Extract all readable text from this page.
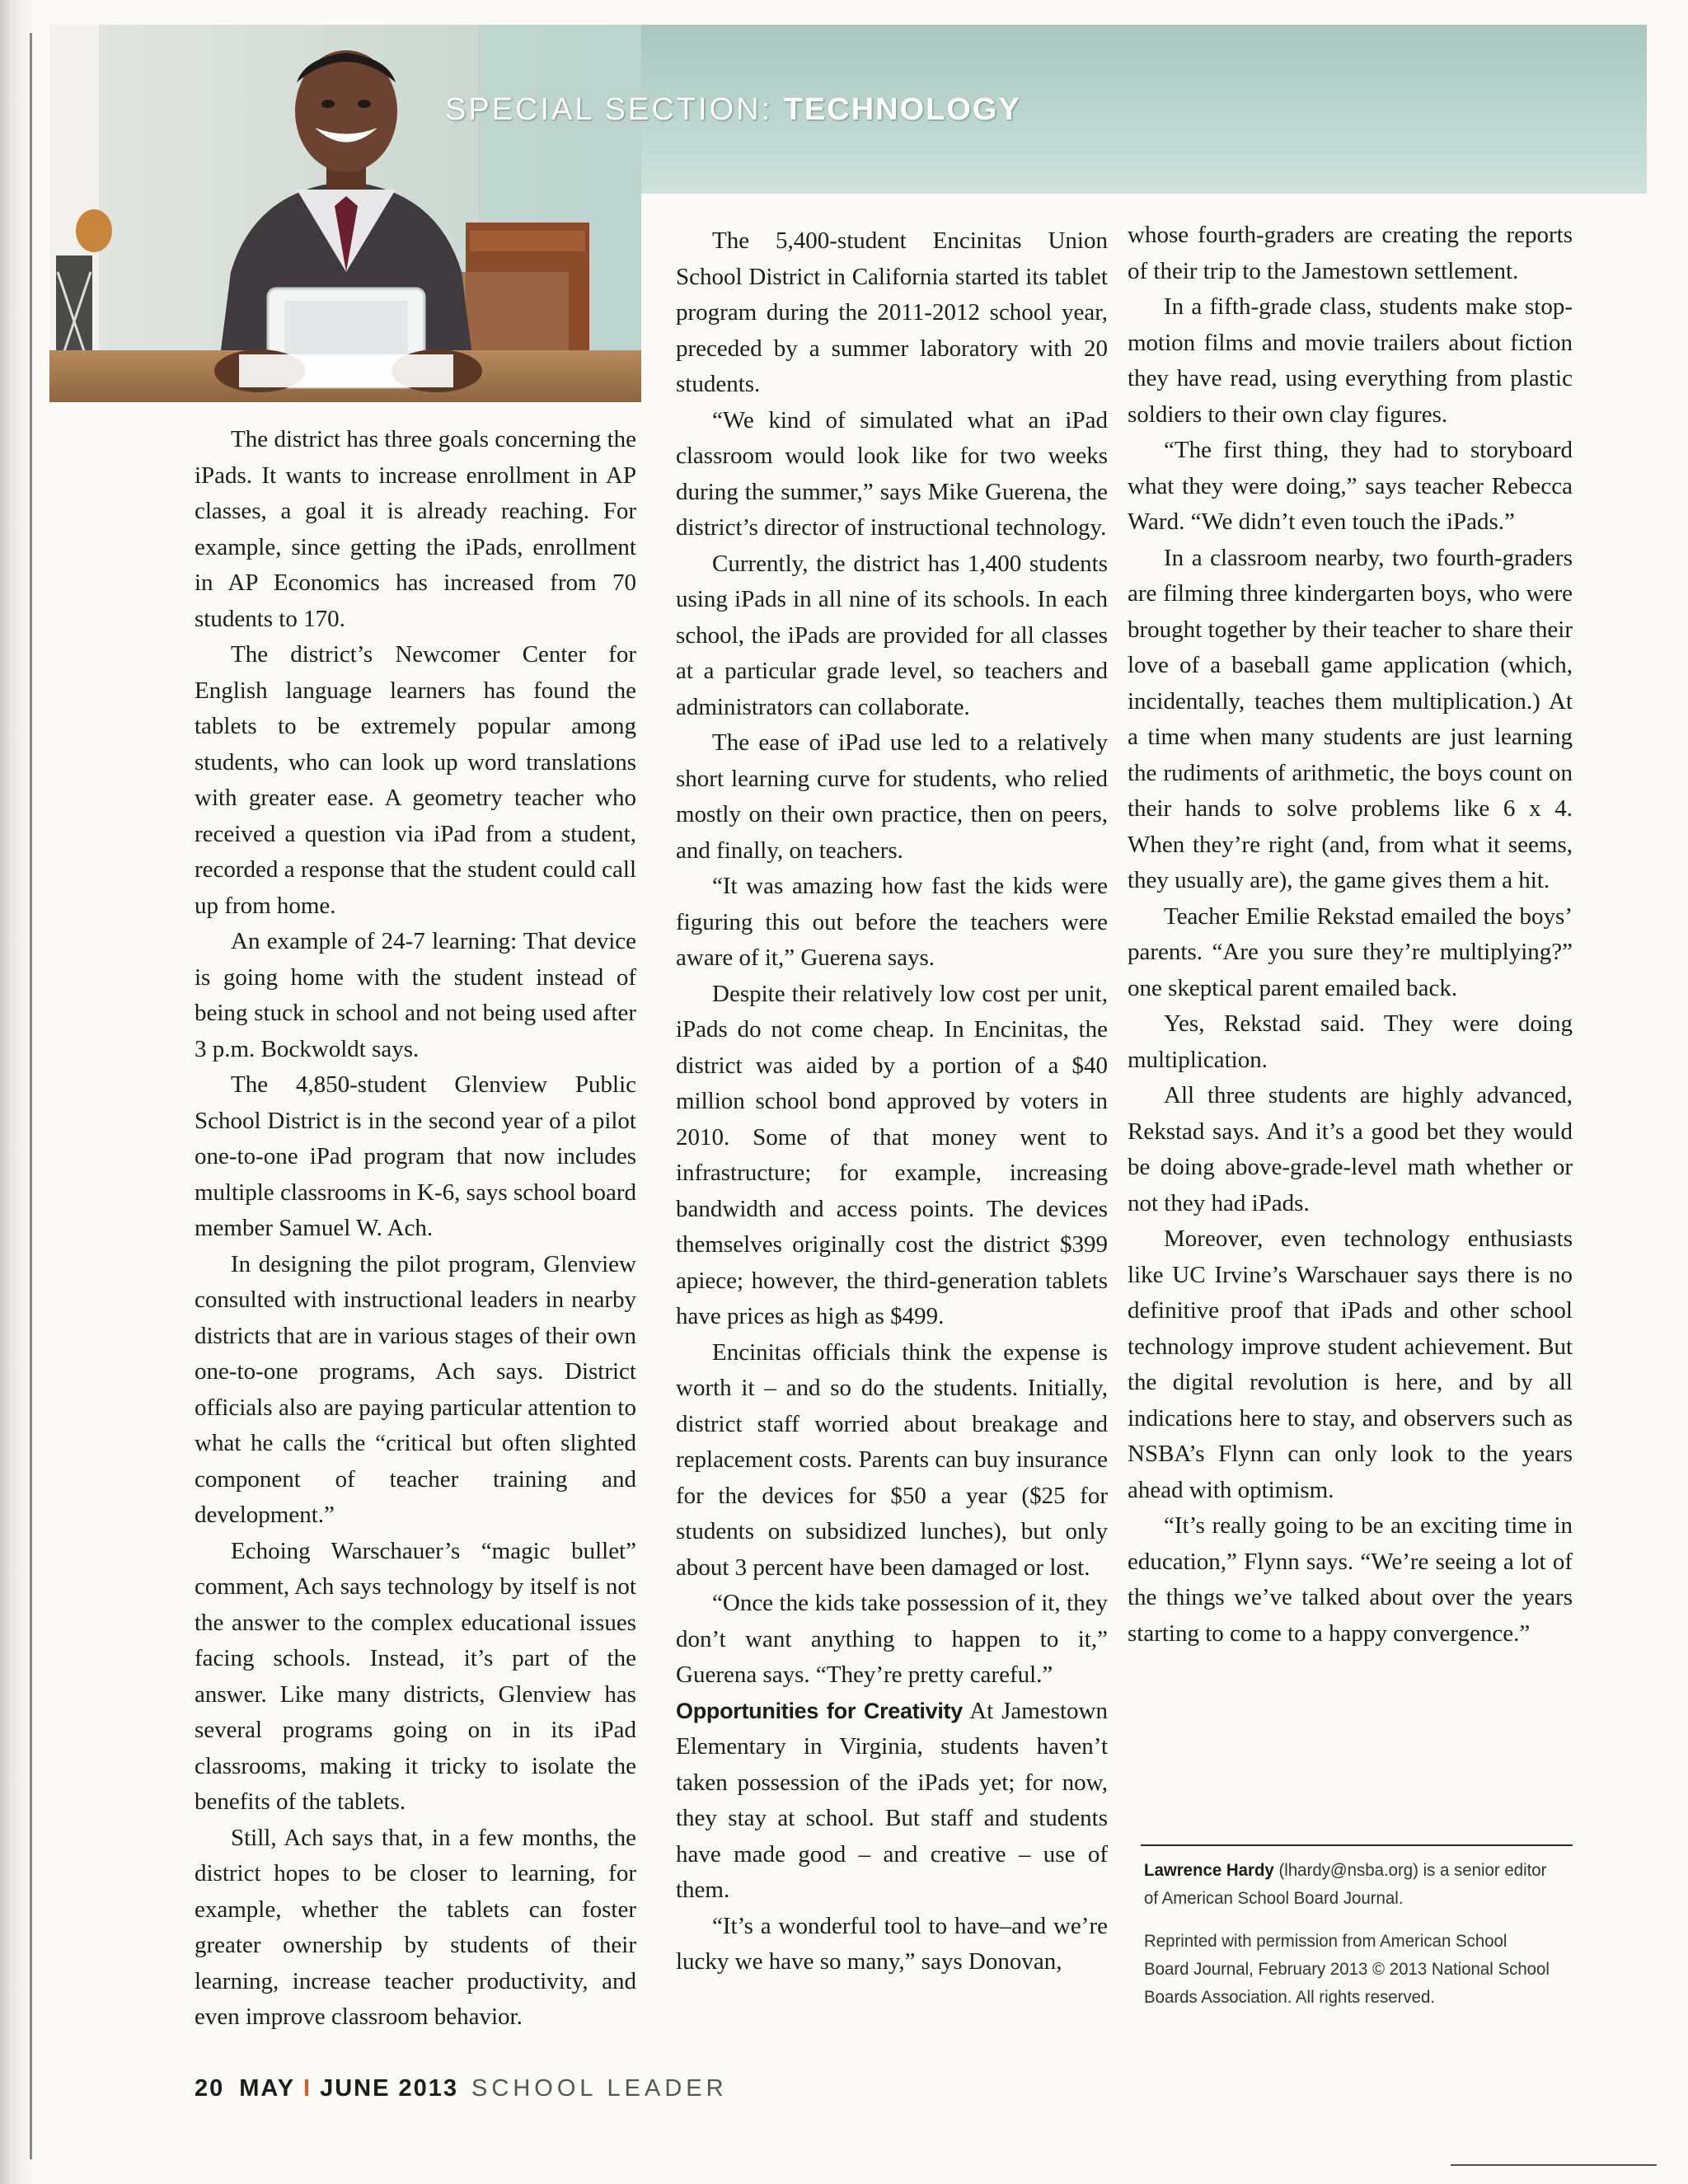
SPECIAL SECTION: TECHNOLOGY

The district has three goals concerning the iPads. It wants to increase enrollment in AP classes, a goal it is already reaching. For example, since getting the iPads, enrollment in AP Economics has increased from 70 students to 170.

The district’s Newcomer Center for English language learners has found the tablets to be extremely popular among students, who can look up word translations with greater ease. A geometry teacher who received a question via iPad from a student, recorded a response that the student could call up from home.

An example of 24-7 learning: That device is going home with the student instead of being stuck in school and not being used after 3 p.m. Bockwoldt says.

The 4,850-student Glenview Public School District is in the second year of a pilot one-to-one iPad program that now includes multiple classrooms in K-6, says school board member Samuel W. Ach.

In designing the pilot program, Glenview consulted with instructional leaders in nearby districts that are in various stages of their own one-to-one programs, Ach says. District officials also are paying particular attention to what he calls the “critical but often slighted component of teacher training and development.”

Echoing Warschauer’s “magic bullet” comment, Ach says technology by itself is not the answer to the complex educational issues facing schools. Instead, it’s part of the answer. Like many districts, Glenview has several programs going on in its iPad classrooms, making it tricky to isolate the benefits of the tablets.

Still, Ach says that, in a few months, the district hopes to be closer to learning, for example, whether the tablets can foster greater ownership by students of their learning, increase teacher productivity, and even improve classroom behavior.

The 5,400-student Encinitas Union School District in California started its tablet program during the 2011-2012 school year, preceded by a summer laboratory with 20 students.

“We kind of simulated what an iPad classroom would look like for two weeks during the summer,” says Mike Guerena, the district’s director of instructional technology.

Currently, the district has 1,400 students using iPads in all nine of its schools. In each school, the iPads are provided for all classes at a particular grade level, so teachers and administrators can collaborate.

The ease of iPad use led to a relatively short learning curve for students, who relied mostly on their own practice, then on peers, and finally, on teachers.

“It was amazing how fast the kids were figuring this out before the teachers were aware of it,” Guerena says.

Despite their relatively low cost per unit, iPads do not come cheap. In Encinitas, the district was aided by a portion of a $40 million school bond approved by voters in 2010. Some of that money went to infrastructure; for example, increasing bandwidth and access points. The devices themselves originally cost the district $399 apiece; however, the third-generation tablets have prices as high as $499.

Encinitas officials think the expense is worth it – and so do the students. Initially, district staff worried about breakage and replacement costs. Parents can buy insurance for the devices for $50 a year ($25 for students on subsidized lunches), but only about 3 percent have been damaged or lost.

“Once the kids take possession of it, they don’t want anything to happen to it,” Guerena says. “They’re pretty careful.”

Opportunities for Creativity At Jamestown Elementary in Virginia, students haven’t taken possession of the iPads yet; for now, they stay at school. But staff and students have made good – and creative – use of them.

“It’s a wonderful tool to have–and we’re lucky we have so many,” says Donovan,

whose fourth-graders are creating the reports of their trip to the Jamestown settlement.

In a fifth-grade class, students make stop-motion films and movie trailers about fiction they have read, using everything from plastic soldiers to their own clay figures.

“The first thing, they had to storyboard what they were doing,” says teacher Rebecca Ward. “We didn’t even touch the iPads.”

In a classroom nearby, two fourth-graders are filming three kindergarten boys, who were brought together by their teacher to share their love of a baseball game application (which, incidentally, teaches them multiplication.) At a time when many students are just learning the rudiments of arithmetic, the boys count on their hands to solve problems like 6 x 4. When they’re right (and, from what it seems, they usually are), the game gives them a hit.

Teacher Emilie Rekstad emailed the boys’ parents. “Are you sure they’re multiplying?” one skeptical parent emailed back.

Yes, Rekstad said. They were doing multiplication.

All three students are highly advanced, Rekstad says. And it’s a good bet they would be doing above-grade-level math whether or not they had iPads.

Moreover, even technology enthusiasts like UC Irvine’s Warschauer says there is no definitive proof that iPads and other school technology improve student achievement. But the digital revolution is here, and by all indications here to stay, and observers such as NSBA’s Flynn can only look to the years ahead with optimism.

“It’s really going to be an exciting time in education,” Flynn says. “We’re seeing a lot of the things we’ve talked about over the years starting to come to a happy convergence.”

Lawrence Hardy (lhardy@nsba.org) is a senior editor of American School Board Journal.

Reprinted with permission from American School Board Journal, February 2013 © 2013 National School Boards Association. All rights reserved.

20 MAY I JUNE 2013 SCHOOL LEADER
